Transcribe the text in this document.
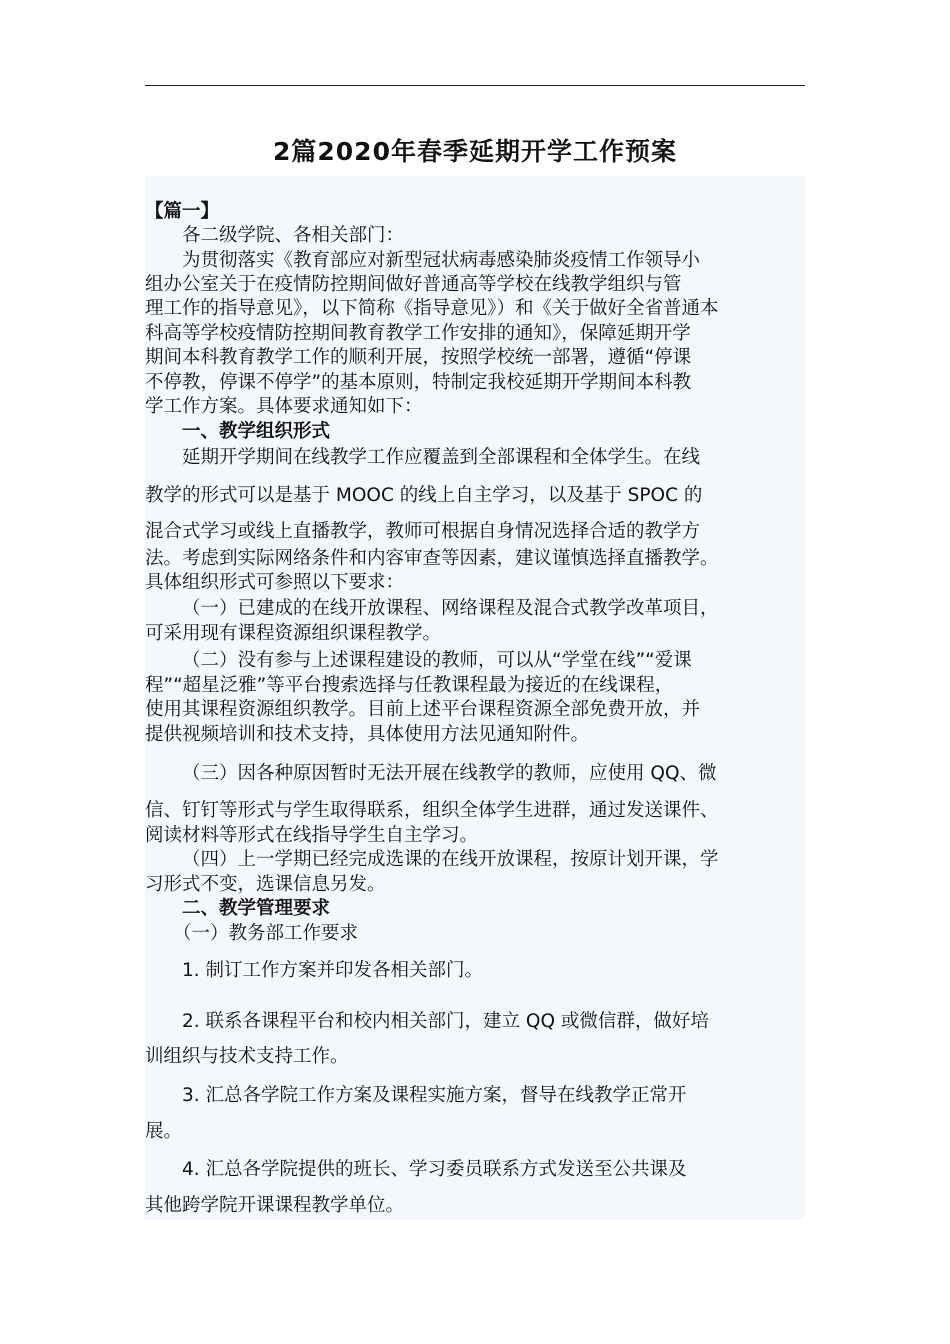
2篇2020年春季延期开学工作预案

【篇一】

各二级学院、各相关部门：

为贯彻落实《教育部应对新型冠状病毒感染肺炎疫情工作领导小

组办公室关于在疫情防控期间做好普通高等学校在线教学组织与管

理工作的指导意见》，以下简称《指导意见》）和《关于做好全省普通本

科高等学校疫情防控期间教育教学工作安排的通知》，保障延期开学

期间本科教育教学工作的顺利开展，按照学校统一部署，遵循“停课

不停教，停课不停学”的基本原则，特制定我校延期开学期间本科教

学工作方案。具体要求通知如下：

一、教学组织形式

延期开学期间在线教学工作应覆盖到全部课程和全体学生。在线

教学的形式可以是基于 MOOC 的线上自主学习，以及基于 SPOC 的

混合式学习或线上直播教学，教师可根据自身情况选择合适的教学方

法。考虑到实际网络条件和内容审查等因素，建议谨慎选择直播教学。

具体组织形式可参照以下要求：

（一）已建成的在线开放课程、网络课程及混合式教学改革项目，

可采用现有课程资源组织课程教学。

（二）没有参与上述课程建设的教师，可以从“学堂在线”“爱课

程”“超星泛雅”等平台搜索选择与任教课程最为接近的在线课程，

使用其课程资源组织教学。目前上述平台课程资源全部免费开放，并

提供视频培训和技术支持，具体使用方法见通知附件。

（三）因各种原因暂时无法开展在线教学的教师，应使用 QQ、微

信、钉钉等形式与学生取得联系，组织全体学生进群，通过发送课件、

阅读材料等形式在线指导学生自主学习。

（四）上一学期已经完成选课的在线开放课程，按原计划开课，学

习形式不变，选课信息另发。

二、教学管理要求

（一）教务部工作要求

1. 制订工作方案并印发各相关部门。

2. 联系各课程平台和校内相关部门，建立 QQ 或微信群，做好培

训组织与技术支持工作。

3. 汇总各学院工作方案及课程实施方案，督导在线教学正常开

展。

4. 汇总各学院提供的班长、学习委员联系方式发送至公共课及

其他跨学院开课课程教学单位。
